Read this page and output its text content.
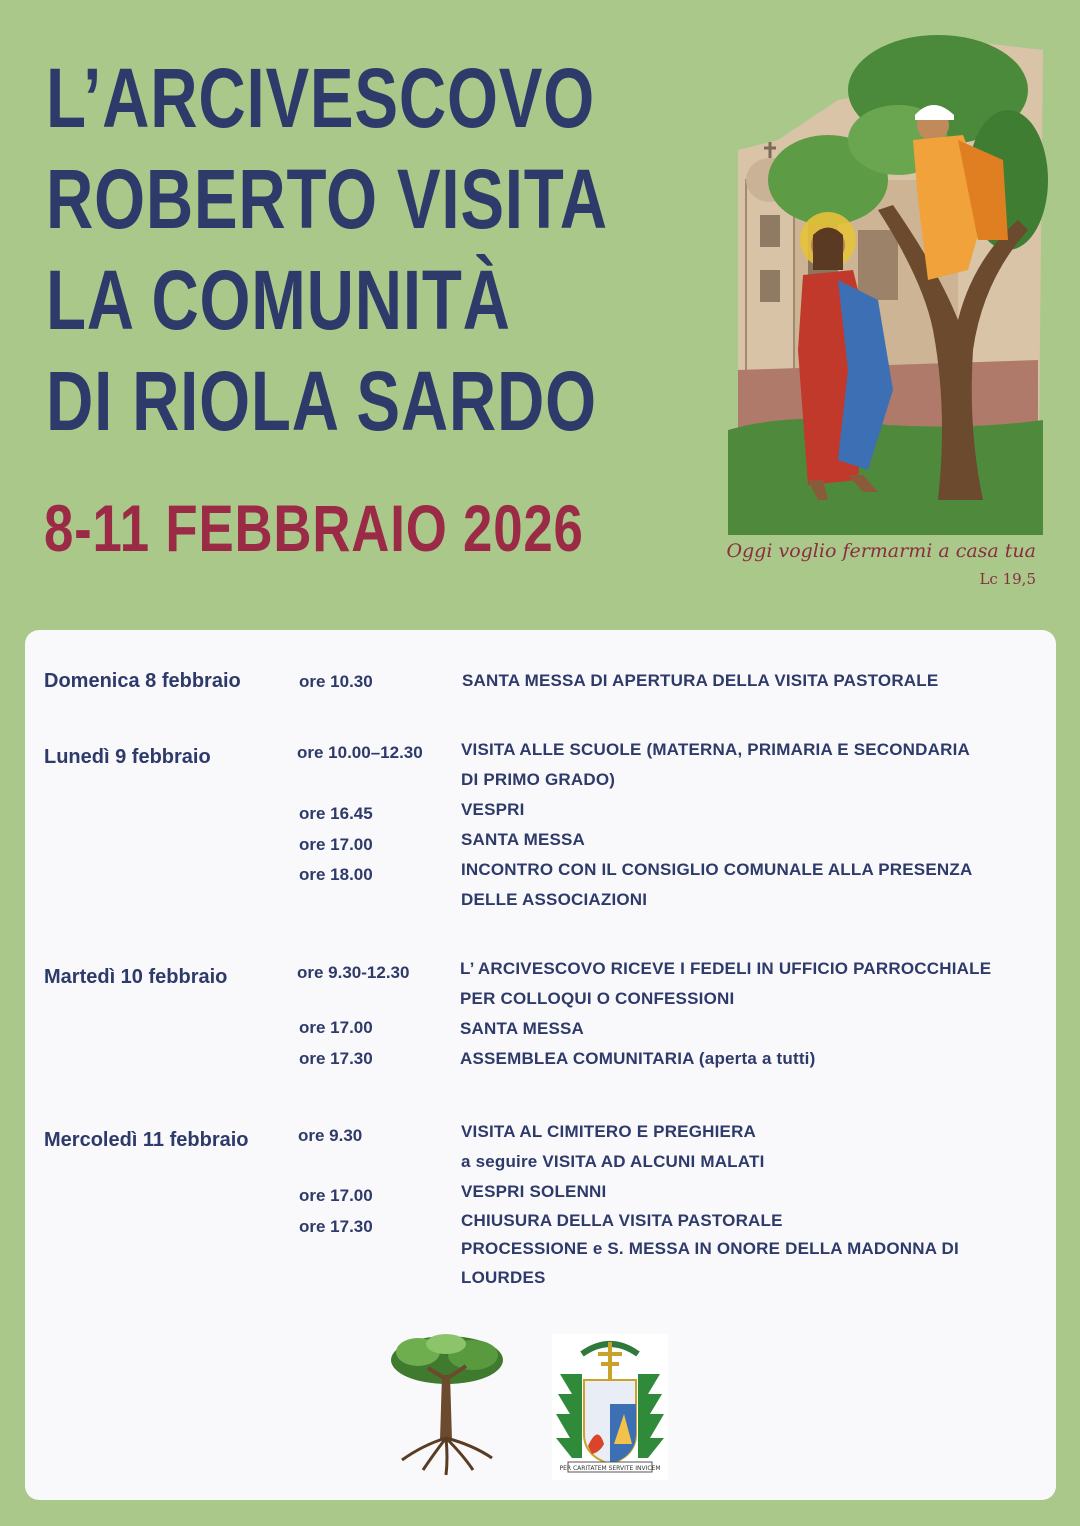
L’ARCIVESCOVO
ROBERTO VISITA
LA COMUNITÀ
DI RIOLA SARDO
8-11 FEBBRAIO 2026	Oggi voglio fermarmi a casa tua
Lc 19,5
Domenica 8 febbraio
Lunedì 9 febbraio
Martedì 10 febbraio
Mercoledì 11 febbraio
ore 10.30
ore 10.00–12.30
ore 16.45
ore 17.00
ore 18.00
ore 9.30-12.30
ore 17.00
ore 17.30
ore 9.30
ore 17.00
ore 17.30
SANTA MESSA DI APERTURA DELLA VISITA PASTORALE
VISITA ALLE SCUOLE (MATERNA, PRIMARIA E SECONDARIA
DI PRIMO GRADO)
VESPRI
SANTA MESSA
INCONTRO CON IL CONSIGLIO COMUNALE ALLA PRESENZA
DELLE ASSOCIAZIONI
L’ ARCIVESCOVO RICEVE I FEDELI IN UFFICIO PARROCCHIALE
PER COLLOQUI O CONFESSIONI
SANTA MESSA
ASSEMBLEA COMUNITARIA (aperta a tutti)
VISITA AL CIMITERO E PREGHIERA
a seguire VISITA AD ALCUNI MALATI
VESPRI SOLENNI
CHIUSURA DELLA VISITA PASTORALE
PROCESSIONE e S. MESSA IN ONORE DELLA MADONNA DI
LOURDES
PER CARITATEM SERVITE INVICEM
